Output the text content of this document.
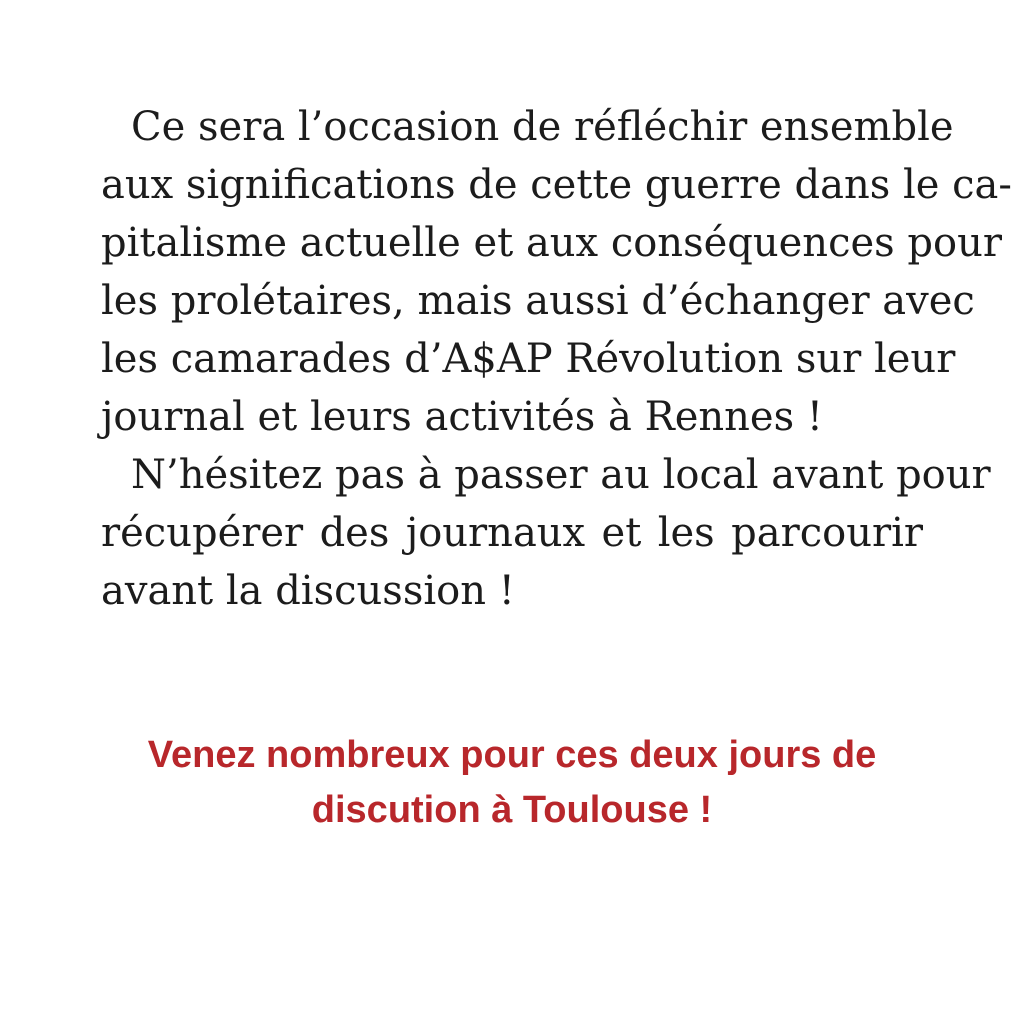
Ce sera l’occasion de réfléchir ensemble
aux significations de cette guerre dans le ca-
pitalisme actuelle et aux conséquences pour
les prolétaires, mais aussi d’échanger avec
les camarades d’A$AP Révolution sur leur
journal et leurs activités à Rennes !
N’hésitez pas à passer au local avant pour
récupérer des journaux et les parcourir
avant la discussion !
Venez nombreux pour ces deux jours de
discution à Toulouse !
